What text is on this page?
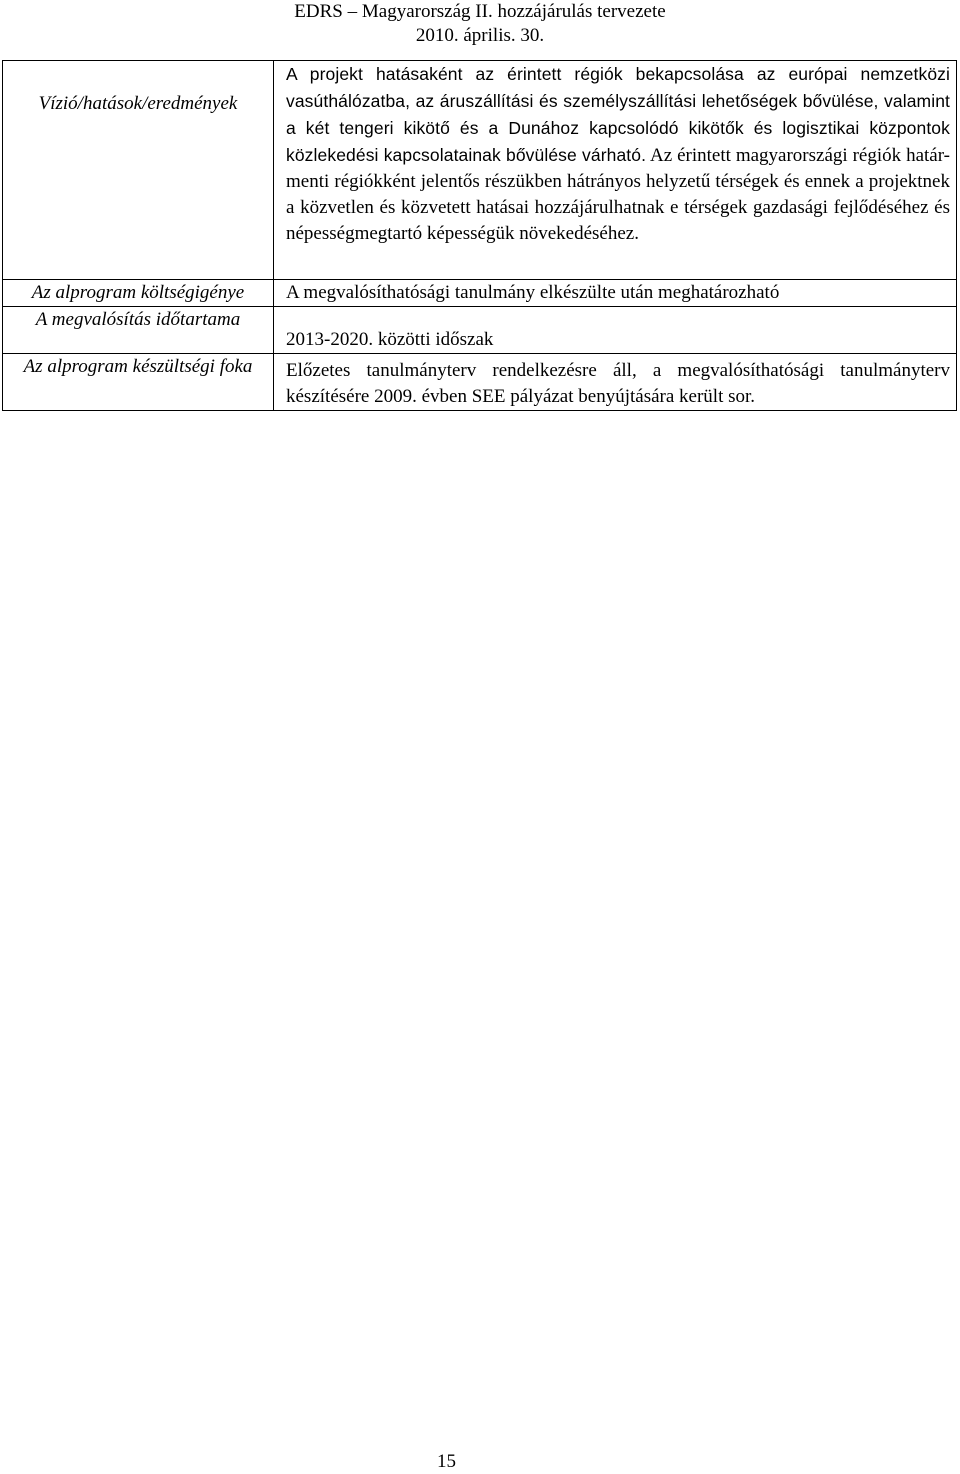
EDRS – Magyarország II. hozzájárulás tervezete
2010. április. 30.
Vízió/hatások/eredmények	A projekt hatásaként az érintett régiók bekapcsolása az európai nemzetközi vasúthálózatba, az áruszállítási és személyszállítási lehetőségek bővülése, valamint a két tengeri kikötő és a Dunához kapcsolódó kikötők és logisztikai központok közlekedési kapcsolatainak bővülése várható. Az érintett magyarországi régiók határ-menti régiókként jelentős részükben hátrányos helyzetű térségek és ennek a projektnek a közvetlen és közvetett hatásai hozzájárulhatnak e térségek gazdasági fejlődéséhez és népességmegtartó képességük növekedéséhez.
Az alprogram költségigénye	A megvalósíthatósági tanulmány elkészülte után meghatározható
A megvalósítás időtartama	2013-2020. közötti időszak
Az alprogram készültségi foka	Előzetes tanulmányterv rendelkezésre áll, a megvalósíthatósági tanulmányterv készítésére 2009. évben SEE pályázat benyújtására került sor.
15
